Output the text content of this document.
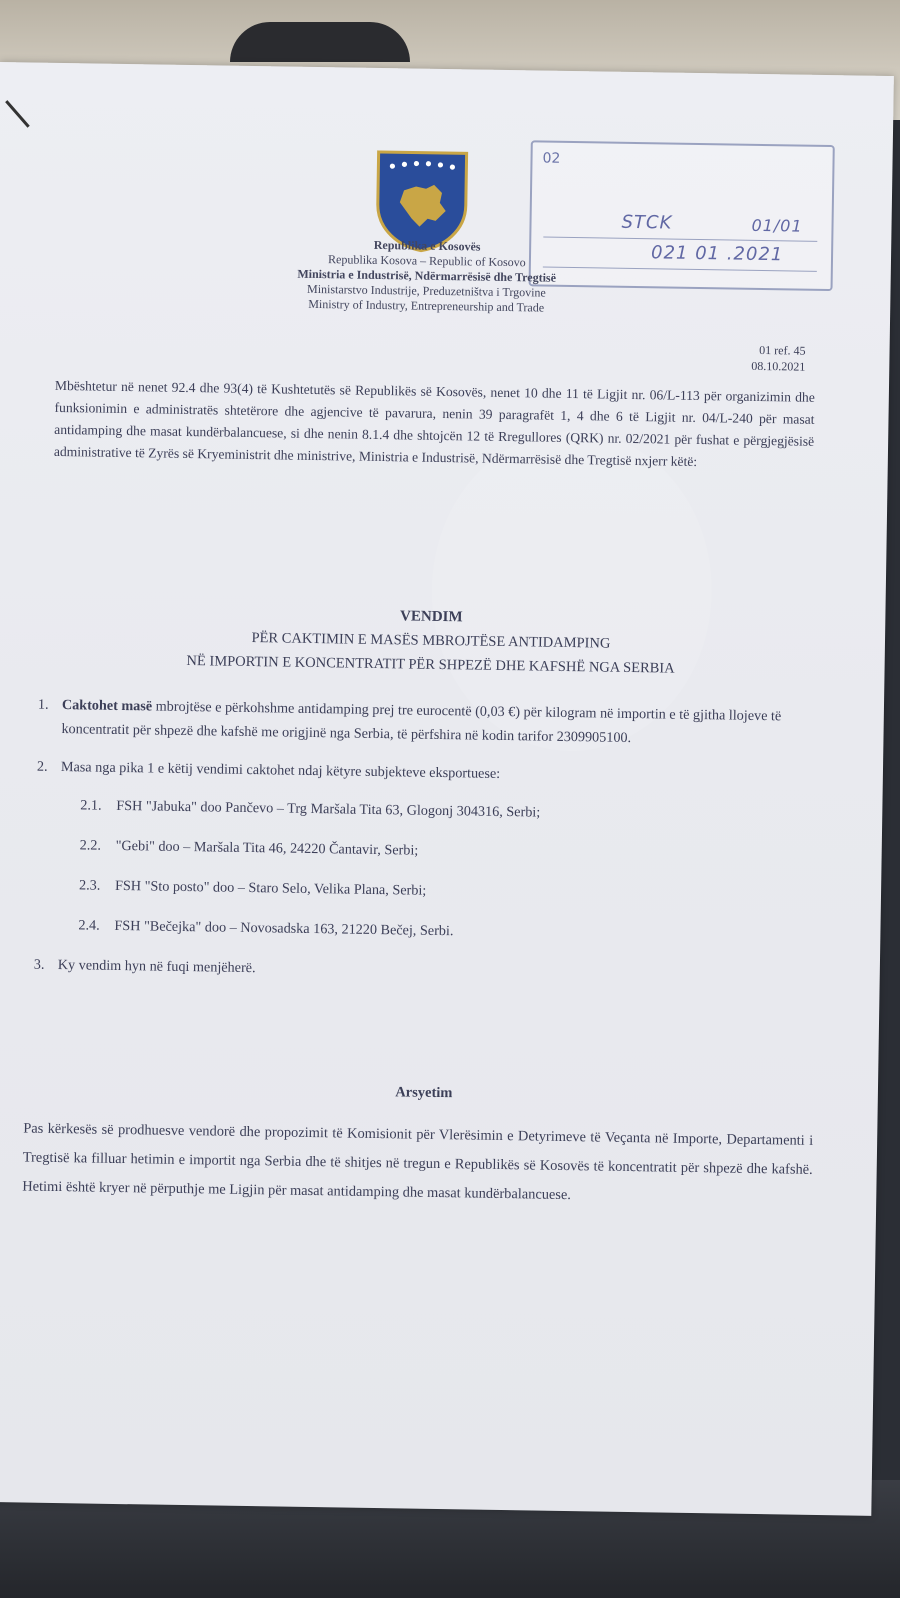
02
STCK	01/01
021 01 .2021
Republika e Kosovës
Republika Kosova – Republic of Kosovo
Ministria e Industrisë, Ndërmarrësisë dhe Tregtisë
Ministarstvo Industrije, Preduzetništva i Trgovine
Ministry of Industry, Entrepreneurship and Trade
01 ref. 45
08.10.2021
Mbështetur në nenet 92.4 dhe 93(4) të Kushtetutës së Republikës së Kosovës, nenet 10 dhe 11 të Ligjit nr. 06/L-113 për organizimin dhe funksionimin e administratës shtetërore dhe agjencive të pavarura, nenin 39 paragrafët 1, 4 dhe 6 të Ligjit nr. 04/L-240 për masat antidamping dhe masat kundërbalancuese, si dhe nenin 8.1.4 dhe shtojcën 12 të Rregullores (QRK) nr. 02/2021 për fushat e përgjegjësisë administrative të Zyrës së Kryeministrit dhe ministrive, Ministria e Industrisë, Ndërmarrësisë dhe Tregtisë nxjerr këtë:
VENDIM
PËR CAKTIMIN E MASËS MBROJTËSE ANTIDAMPING
NË IMPORTIN E KONCENTRATIT PËR SHPEZË DHE KAFSHË NGA SERBIA
1. Caktohet masë mbrojtëse e përkohshme antidamping prej tre eurocentë (0,03 €) për kilogram në importin e të gjitha llojeve të koncentratit për shpezë dhe kafshë me origjinë nga Serbia, të përfshira në kodin tarifor 2309905100.
2. Masa nga pika 1 e këtij vendimi caktohet ndaj këtyre subjekteve eksportuese:
2.1. FSH "Jabuka" doo Pančevo – Trg Maršala Tita 63, Glogonj 304316, Serbi;
2.2. "Gebi" doo – Maršala Tita 46, 24220 Čantavir, Serbi;
2.3. FSH "Sto posto" doo – Staro Selo, Velika Plana, Serbi;
2.4. FSH "Bečejka" doo – Novosadska 163, 21220 Bečej, Serbi.
3. Ky vendim hyn në fuqi menjëherë.
Arsyetim
Pas kërkesës së prodhuesve vendorë dhe propozimit të Komisionit për Vlerësimin e Detyrimeve të Veçanta në Importe, Departamenti i Tregtisë ka filluar hetimin e importit nga Serbia dhe të shitjes në tregun e Republikës së Kosovës të koncentratit për shpezë dhe kafshë. Hetimi është kryer në përputhje me Ligjin për masat antidamping dhe masat kundërbalancuese.
